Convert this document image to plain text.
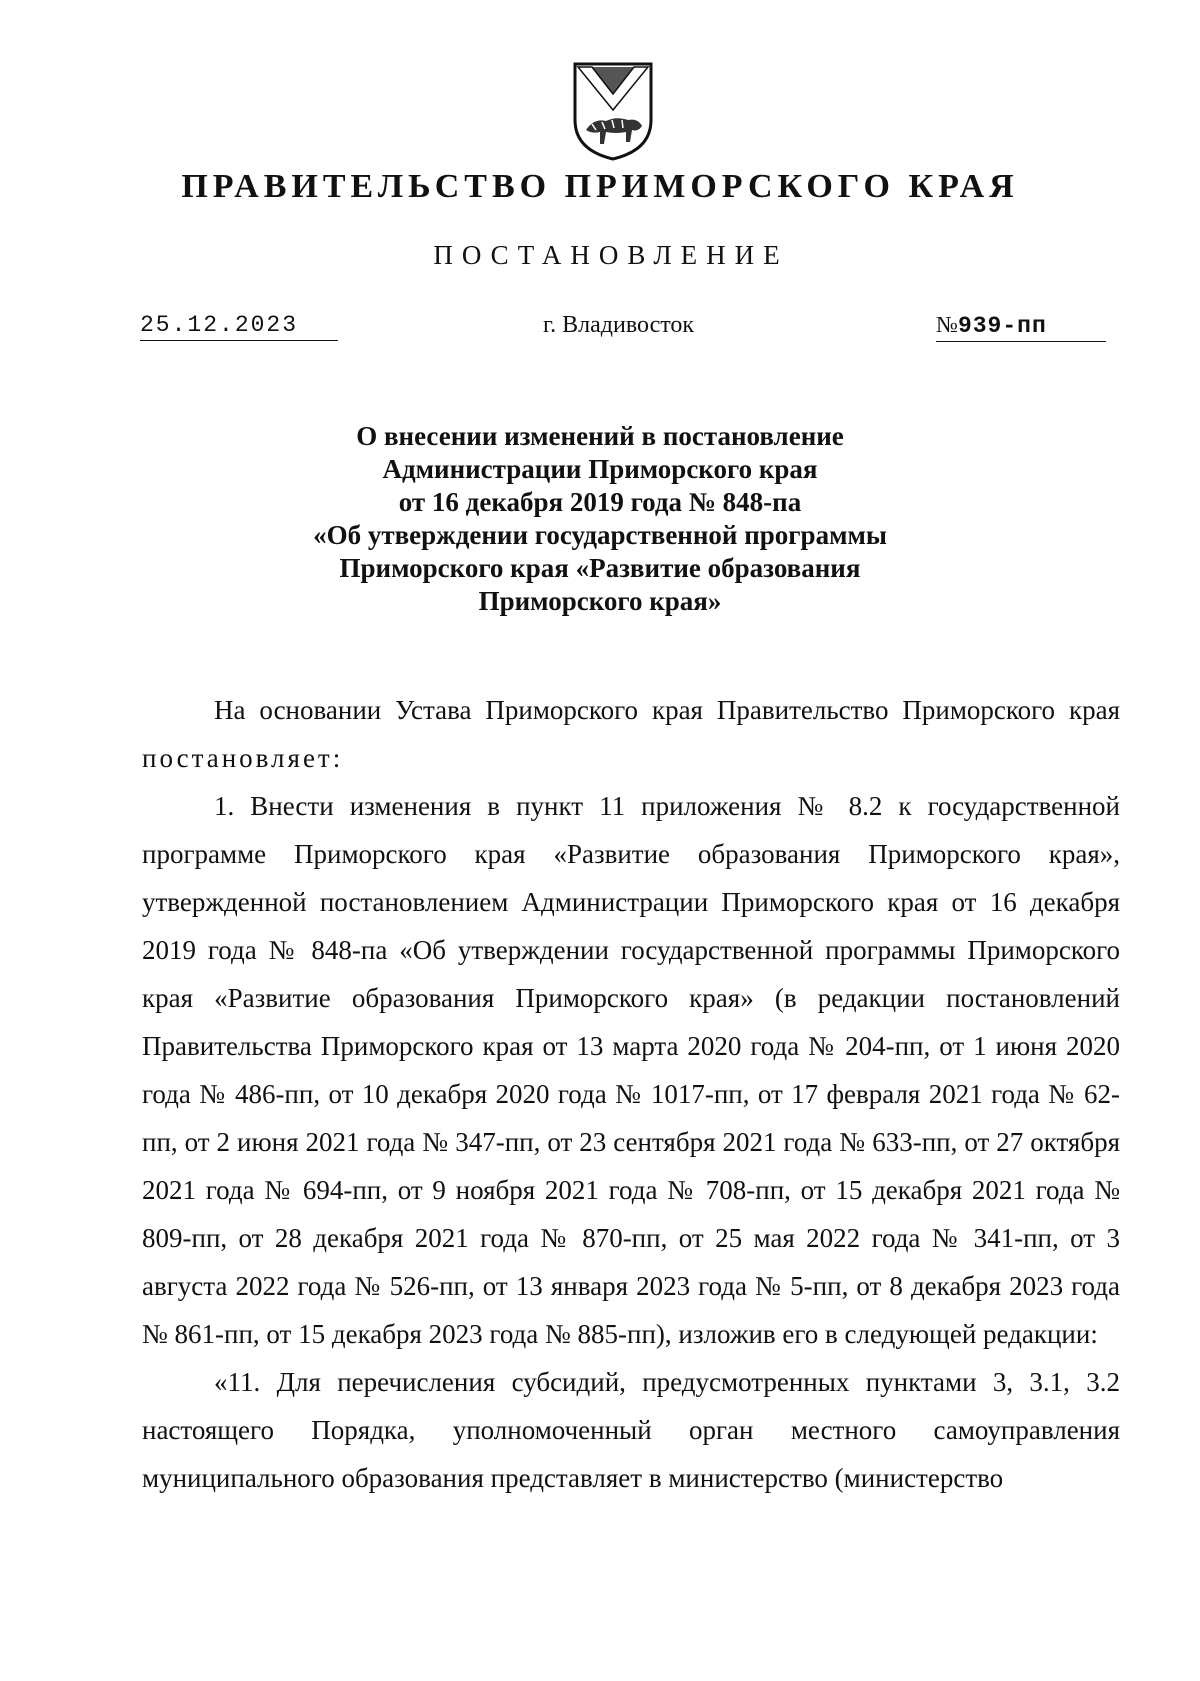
ПРАВИТЕЛЬСТВО ПРИМОРСКОГО КРАЯ
ПОСТАНОВЛЕНИЕ
25.12.2023	г. Владивосток	№939-пп
О внесении изменений в постановление
Администрации Приморского края
от 16 декабря 2019 года № 848-па
«Об утверждении государственной программы
Приморского края «Развитие образования
Приморского края»

На основании Устава Приморского края Правительство Приморского края постановляет:

1. Внести изменения в пункт 11 приложения № 8.2 к государственной программе Приморского края «Развитие образования Приморского края», утвержденной постановлением Администрации Приморского края от 16 декабря 2019 года № 848-па «Об утверждении государственной программы Приморского края «Развитие образования Приморского края» (в редакции постановлений Правительства Приморского края от 13 марта 2020 года № 204-пп, от 1 июня 2020 года № 486-пп, от 10 декабря 2020 года № 1017-пп, от 17 февраля 2021 года № 62-пп, от 2 июня 2021 года № 347-пп, от 23 сентября 2021 года № 633-пп, от 27 октября 2021 года № 694-пп, от 9 ноября 2021 года № 708-пп, от 15 декабря 2021 года № 809-пп, от 28 декабря 2021 года № 870-пп, от 25 мая 2022 года № 341-пп, от 3 августа 2022 года № 526-пп, от 13 января 2023 года № 5-пп, от 8 декабря 2023 года № 861-пп, от 15 декабря 2023 года № 885-пп), изложив его в следующей редакции:

«11. Для перечисления субсидий, предусмотренных пунктами 3, 3.1, 3.2 настоящего Порядка, уполномоченный орган местного самоуправления муниципального образования представляет в министерство (министерство
